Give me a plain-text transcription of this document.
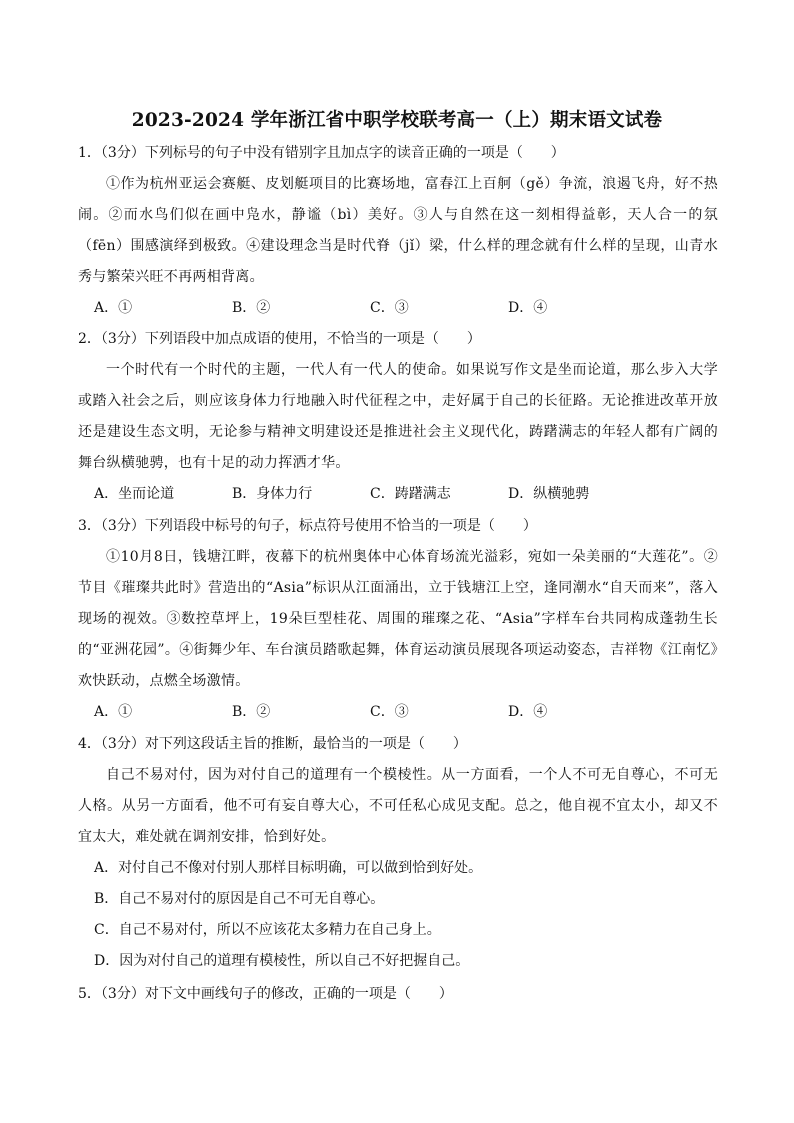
2023-2024 学年浙江省中职学校联考高一（上）期末语文试卷
1．（3分）下列标号的句子中没有错别字且加点字的读音正确的一项是（　　）
①作为杭州亚运会赛艇、皮划艇项目的比赛场地，富春江上百舸（gě）争流，浪遏飞舟，好不热闹。②而水鸟们似在画中凫水，静谧（bì）美好。③人与自然在这一刻相得益彰，天人合一的氛（fēn）围感演绎到极致。④建设理念当是时代脊（jǐ）梁，什么样的理念就有什么样的呈现，山青水秀与繁荣兴旺不再两相背离。
A．①	B．②	C．③	D．④
2．（3分）下列语段中加点成语的使用，不恰当的一项是（　　）
一个时代有一个时代的主题，一代人有一代人的使命。如果说写作文是坐而论道，那么步入大学或踏入社会之后，则应该身体力行地融入时代征程之中，走好属于自己的长征路。无论推进改革开放还是建设生态文明，无论参与精神文明建设还是推进社会主义现代化，踌躇满志的年轻人都有广阔的舞台纵横驰骋，也有十足的动力挥洒才华。
A．坐而论道	B．身体力行	C．踌躇满志	D．纵横驰骋
3．（3分）下列语段中标号的句子，标点符号使用不恰当的一项是（　　）
①10月8日，钱塘江畔，夜幕下的杭州奥体中心体育场流光溢彩，宛如一朵美丽的“大莲花”。②节目《璀璨共此时》营造出的“Asia”标识从江面涌出，立于钱塘江上空，逢同潮水“自天而来”，落入现场的视效。③数控草坪上，19朵巨型桂花、周围的璀璨之花、“Asia”字样车台共同构成蓬勃生长的“亚洲花园”。④街舞少年、车台演员踏歌起舞，体育运动演员展现各项运动姿态，吉祥物《江南忆》欢快跃动，点燃全场激情。
A．①	B．②	C．③	D．④
4．（3分）对下列这段话主旨的推断，最恰当的一项是（　　）
自己不易对付，因为对付自己的道理有一个模棱性。从一方面看，一个人不可无自尊心，不可无人格。从另一方面看，他不可有妄自尊大心，不可任私心成见支配。总之，他自视不宜太小，却又不宜太大，难处就在调剂安排，恰到好处。
A．对付自己不像对付别人那样目标明确，可以做到恰到好处。
B．自己不易对付的原因是自己不可无自尊心。
C．自己不易对付，所以不应该花太多精力在自己身上。
D．因为对付自己的道理有模棱性，所以自己不好把握自己。
5．（3分）对下文中画线句子的修改，正确的一项是（　　）
